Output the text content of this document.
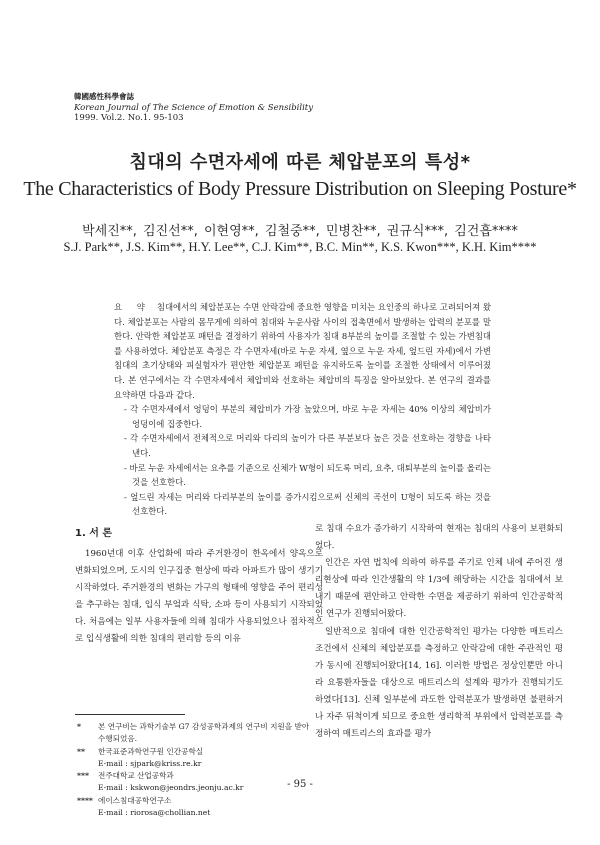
韓國感性科學會誌
Korean Journal of The Science of Emotion & Sensibility
1999. Vol.2. No.1. 95-103
침대의 수면자세에 따른 체압분포의 특성*
The Characteristics of Body Pressure Distribution on Sleeping Posture*
박세진**, 김진선**, 이현영**, 김철중**, 민병찬**, 권규식***, 김건흡****
S.J. Park**, J.S. Kim**, H.Y. Lee**, C.J. Kim**, B.C. Min**, K.S. Kwon***, K.H. Kim****

요 약 침대에서의 체압분포는 수면 안락감에 중요한 영향을 미치는 요인중의 하나로 고려되어져 왔다. 체압분포는 사람의 몸무게에 의하여 침대와 누운사람 사이의 접촉면에서 발생하는 압력의 분포를 말한다. 안락한 체압분포 패턴을 결정하기 위하여 사용자가 침대 8부분의 높이를 조절할 수 있는 가변침대를 사용하였다. 체압분포 측정은 각 수면자세(바로 누운 자세, 옆으로 누운 자세, 엎드린 자세)에서 가변침대의 초기상태와 피실험자가 편안한 체압분포 패턴을 유지하도록 높이를 조절한 상태에서 이루어졌다. 본 연구에서는 각 수면자세에서 체압비와 선호하는 체압비의 특징을 알아보았다. 본 연구의 결과를 요약하면 다음과 같다.

- 각 수면자세에서 엉덩이 부분의 체압비가 가장 높았으며, 바로 누운 자세는 40% 이상의 체압비가 엉덩이에 집중한다.
- 각 수면자세에서 전체적으로 머리와 다리의 높이가 다른 부분보다 높은 것을 선호하는 경향을 나타낸다.
- 바로 누운 자세에서는 요추를 기준으로 신체가 W형이 되도록 머리, 요추, 대퇴부분의 높이를 올리는 것을 선호한다.
- 엎드린 자세는 머리와 다리부분의 높이를 증가시킴으로써 신체의 곡선이 U형이 되도록 하는 것을 선호한다.
1. 서 론

1960년대 이후 산업화에 따라 주거환경이 한옥에서 양옥으로 변화되었으며, 도시의 인구집중 현상에 따라 아파트가 많이 생기기 시작하였다. 주거환경의 변화는 가구의 형태에 영향을 주어 편리성을 추구하는 침대, 입식 부엌과 식탁, 소파 등이 사용되기 시작되었다. 처음에는 일부 사용자들에 의해 침대가 사용되었으나 점차적으로 입식생활에 의한 침대의 편리함 등의 이유

로 침대 수요가 증가하기 시작하여 현재는 침대의 사용이 보편화되었다.

인간은 자연 법칙에 의하여 하루를 주기로 인체 내에 주어진 생리현상에 따라 인간생활의 약 1/3에 해당하는 시간을 침대에서 보내기 때문에 편안하고 안락한 수면을 제공하기 위하여 인간공학적인 연구가 진행되어왔다.

일반적으로 침대에 대한 인간공학적인 평가는 다양한 매트리스 조건에서 신체의 체압분포를 측정하고 안락감에 대한 주관적인 평가 동시에 진행되어왔다[14, 16]. 이러한 방법은 정상인뿐만 아니라 요통환자들을 대상으로 매트리스의 설계와 평가가 진행되기도 하였다[13]. 신체 일부분에 과도한 압력분포가 발생하면 불편하거나 자주 뒤척이게 되므로 중요한 생리학적 부위에서 압력분포를 측정하여 매트리스의 효과를 평가

*	본 연구비는 과학기술부 G7 감성공학과제의 연구비 지원을 받아 수행되었음.
**	한국표준과학연구원 인간공학실
E-mail : sjpark@kriss.re.kr
***	전주대학교 산업공학과
E-mail : kskwon@jeondrs.jeonju.ac.kr
**** 에이스침대공학연구소
E-mail : riorosa@chollian.net
- 95 -
